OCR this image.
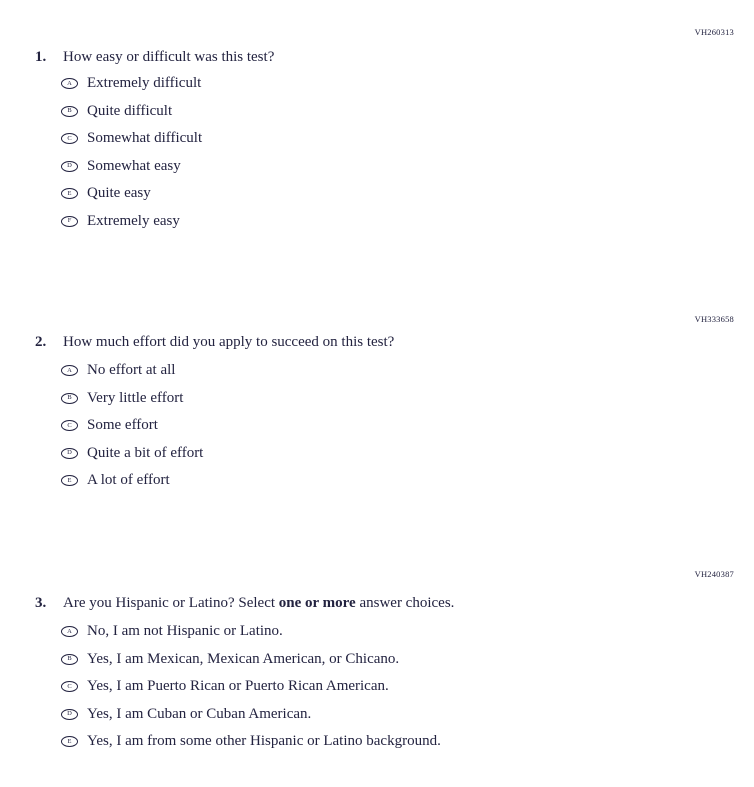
VH260313
1.	How easy or difficult was this test?
A	Extremely difficult
B	Quite difficult
C	Somewhat difficult
D	Somewhat easy
E	Quite easy
F	Extremely easy
VH333658
2.	How much effort did you apply to succeed on this test?
A	No effort at all
B	Very little effort
C	Some effort
D	Quite a bit of effort
E	A lot of effort
VH240387
3.	Are you Hispanic or Latino? Select one or more answer choices.
A	No, I am not Hispanic or Latino.
B	Yes, I am Mexican, Mexican American, or Chicano.
C	Yes, I am Puerto Rican or Puerto Rican American.
D	Yes, I am Cuban or Cuban American.
E	Yes, I am from some other Hispanic or Latino background.
